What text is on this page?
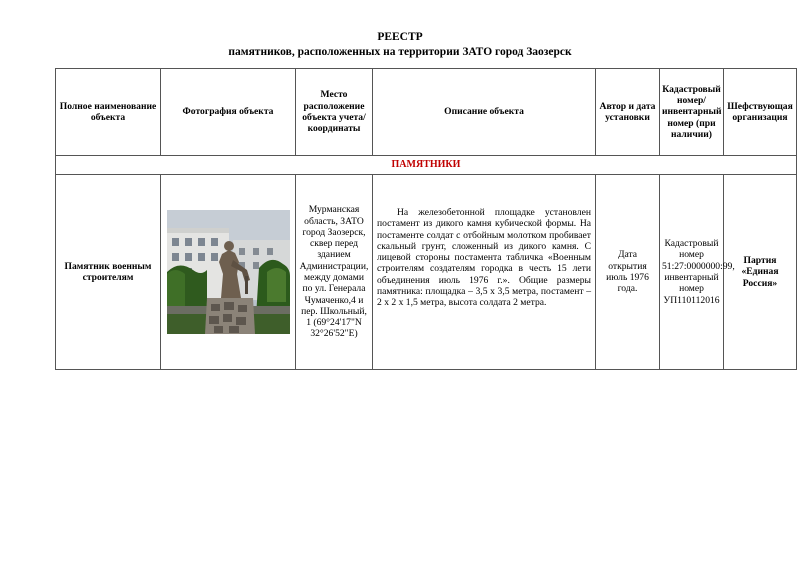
РЕЕСТР
памятников, расположенных на территории ЗАТО город Заозерск
Полное наименование объекта	Фотография объекта	Место расположение объекта учета/ координаты	Описание объекта	Автор и дата установки	Кадастровый номер/ инвентарный номер (при наличии)	Шефствующая организация
ПАМЯТНИКИ						
Памятник военным строителям		Мурманская область, ЗАТО город Заозерск, сквер перед зданием Администрации, между домами по ул. Генерала Чумаченко,4 и пер. Школьный, 1 (69°24'17"N 32°26'52"E)	На железобетонной площадке установлен постамент из дикого камня кубической формы. На постаменте солдат с отбойным молотком пробивает скальный грунт, сложенный из дикого камня. С лицевой стороны постамента табличка «Военным строителям создателям городка в честь 15 лети объединения июль 1976 г.». Общие размеры памятника: площадка – 3,5 х 3,5 метра, постамент – 2 х 2 х 1,5 метра, высота солдата 2 метра.	Дата открытия июль 1976 года.	Кадастровый номер 51:27:0000000:99, инвентарный номер УП110112016	Партия «Единая Россия»
